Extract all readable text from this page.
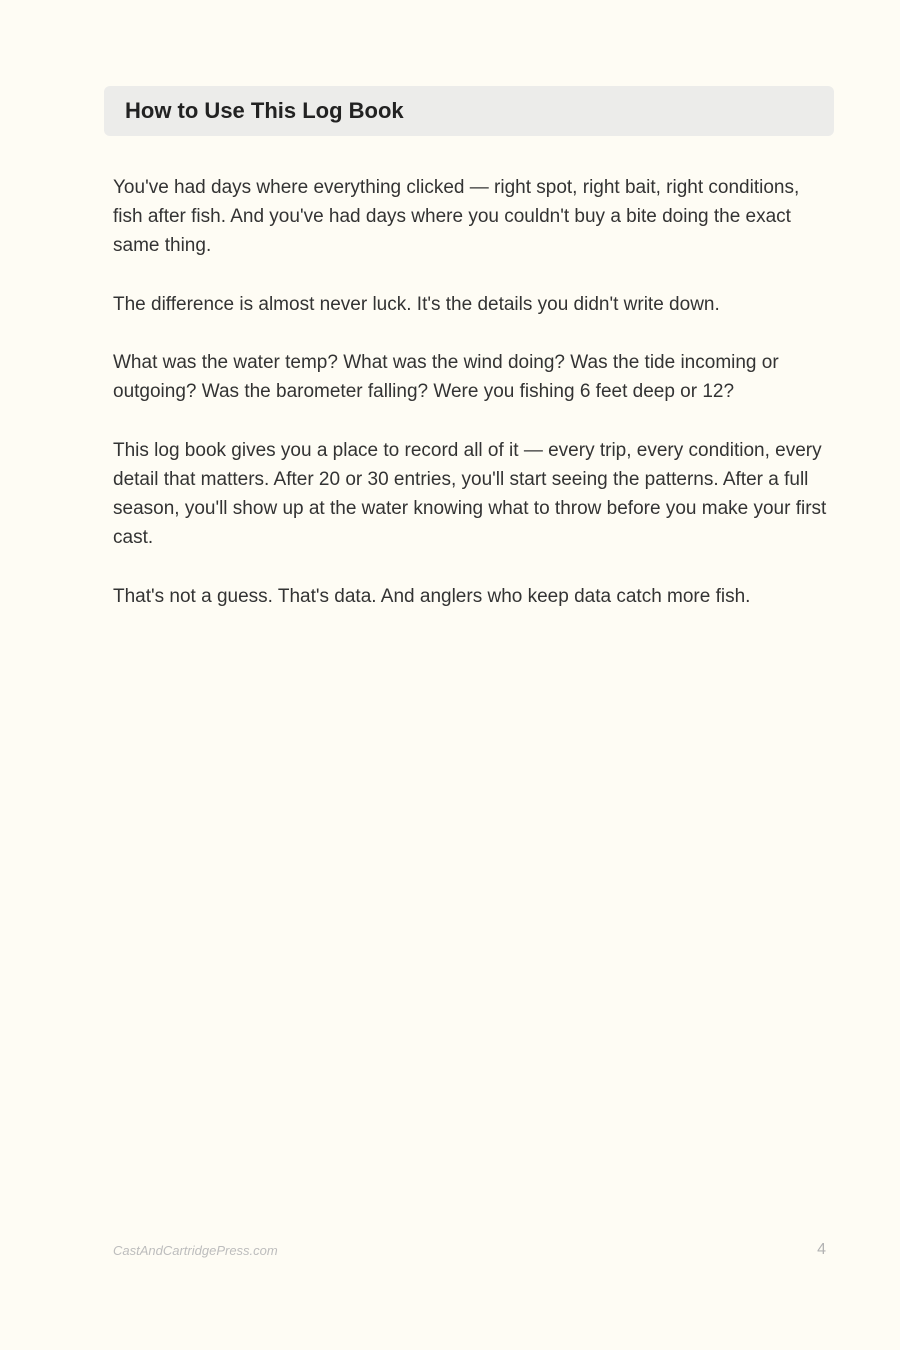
How to Use This Log Book

You've had days where everything clicked — right spot, right bait, right conditions, fish after fish. And you've had days where you couldn't buy a bite doing the exact same thing.

The difference is almost never luck. It's the details you didn't write down.

What was the water temp? What was the wind doing? Was the tide incoming or outgoing? Was the barometer falling? Were you fishing 6 feet deep or 12?

This log book gives you a place to record all of it — every trip, every condition, every detail that matters. After 20 or 30 entries, you'll start seeing the patterns. After a full season, you'll show up at the water knowing what to throw before you make your first cast.

That's not a guess. That's data. And anglers who keep data catch more fish.

CastAndCartridgePress.com	4
